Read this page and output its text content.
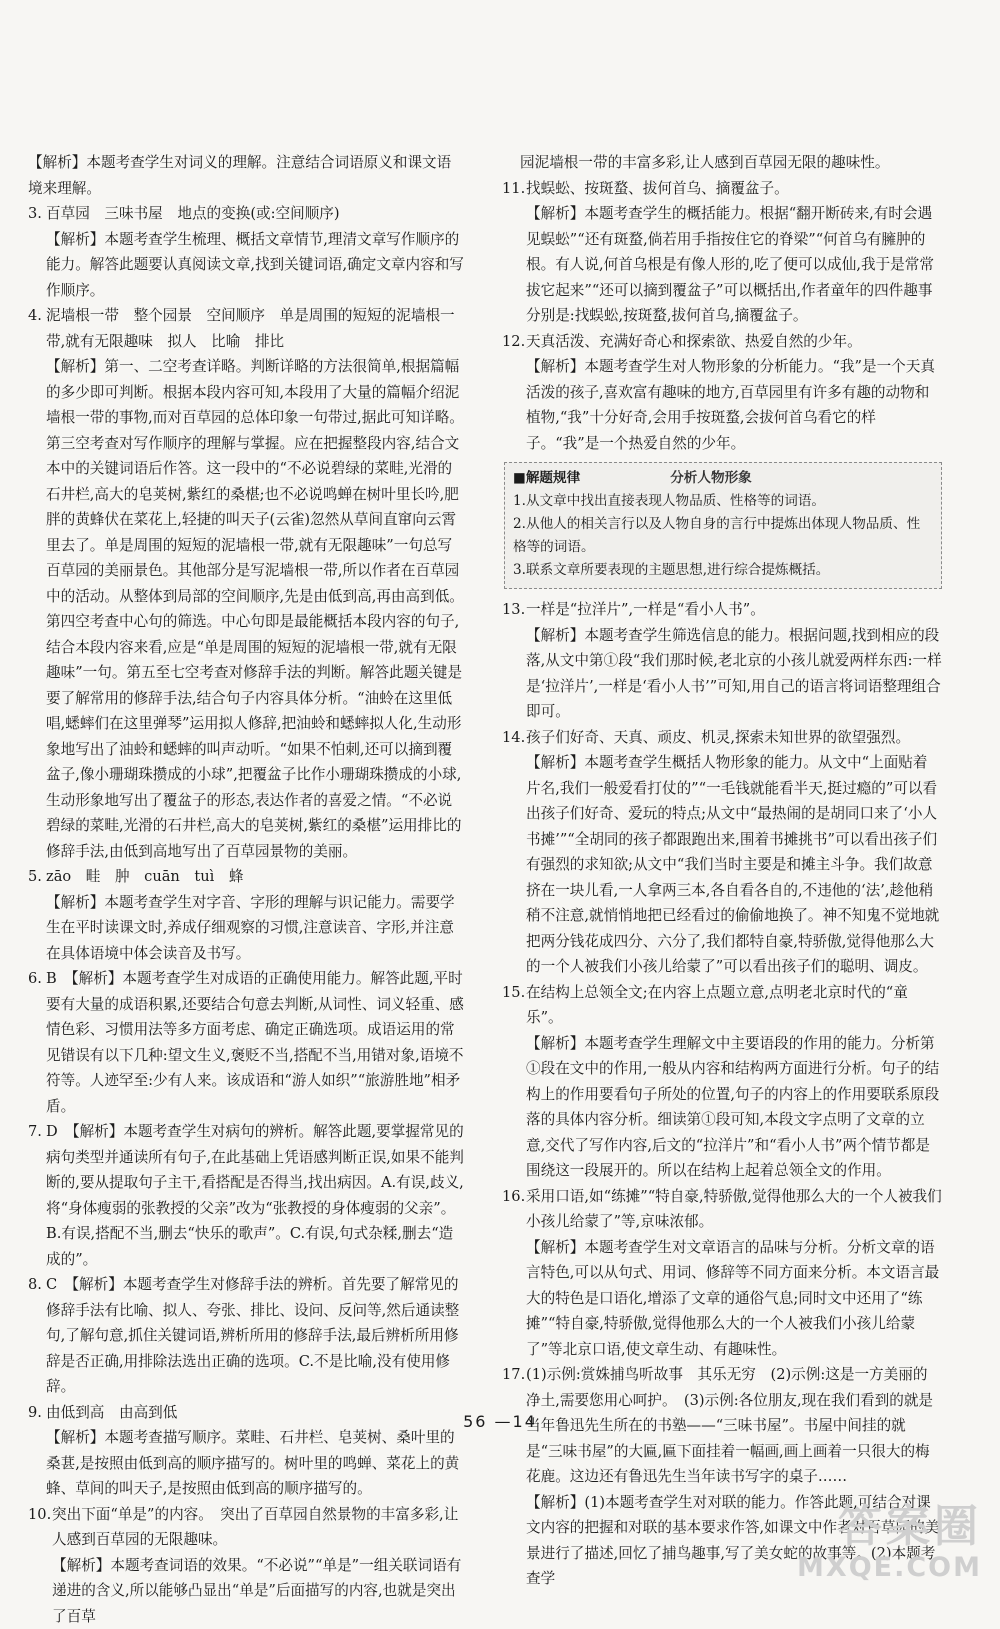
【解析】本题考查学生对词义的理解。注意结合词语原义和课文语境来理解。

3. 百草园　三味书屋　地点的变换(或:空间顺序)

【解析】本题考查学生梳理、概括文章情节,理清文章写作顺序的能力。解答此题要认真阅读文章,找到关键词语,确定文章内容和写作顺序。

4. 泥墙根一带　整个园景　空间顺序　单是周围的短短的泥墙根一带,就有无限趣味　拟人　比喻　排比

【解析】第一、二空考查详略。判断详略的方法很简单,根据篇幅的多少即可判断。根据本段内容可知,本段用了大量的篇幅介绍泥墙根一带的事物,而对百草园的总体印象一句带过,据此可知详略。第三空考查对写作顺序的理解与掌握。应在把握整段内容,结合文本中的关键词语后作答。这一段中的“不必说碧绿的菜畦,光滑的石井栏,高大的皂荚树,紫红的桑椹;也不必说鸣蝉在树叶里长吟,肥胖的黄蜂伏在菜花上,轻捷的叫天子(云雀)忽然从草间直窜向云霄里去了。单是周围的短短的泥墙根一带,就有无限趣味”一句总写百草园的美丽景色。其他部分是写泥墙根一带,所以作者在百草园中的活动。从整体到局部的空间顺序,先是由低到高,再由高到低。第四空考查中心句的筛选。中心句即是最能概括本段内容的句子,结合本段内容来看,应是“单是周围的短短的泥墙根一带,就有无限趣味”一句。第五至七空考查对修辞手法的判断。解答此题关键是要了解常用的修辞手法,结合句子内容具体分析。“油蛉在这里低唱,蟋蟀们在这里弹琴”运用拟人修辞,把油蛉和蟋蟀拟人化,生动形象地写出了油蛉和蟋蟀的叫声动听。“如果不怕刺,还可以摘到覆盆子,像小珊瑚珠攒成的小球”,把覆盆子比作小珊瑚珠攒成的小球,生动形象地写出了覆盆子的形态,表达作者的喜爱之情。“不必说碧绿的菜畦,光滑的石井栏,高大的皂荚树,紫红的桑椹”运用排比的修辞手法,由低到高地写出了百草园景物的美丽。

5. zāo　畦　肿　cuān　tuì　蜂

【解析】本题考查学生对字音、字形的理解与识记能力。需要学生在平时读课文时,养成仔细观察的习惯,注意读音、字形,并注意在具体语境中体会读音及书写。

6. B　【解析】本题考查学生对成语的正确使用能力。解答此题,平时要有大量的成语积累,还要结合句意去判断,从词性、词义轻重、感情色彩、习惯用法等多方面考虑、确定正确选项。成语运用的常见错误有以下几种:望文生义,褒贬不当,搭配不当,用错对象,语境不符等。人迹罕至:少有人来。该成语和“游人如织”“旅游胜地”相矛盾。

7. D　【解析】本题考查学生对病句的辨析。解答此题,要掌握常见的病句类型并通读所有句子,在此基础上凭语感判断正误,如果不能判断的,要从提取句子主干,看搭配是否得当,找出病因。A.有误,歧义,将“身体瘦弱的张教授的父亲”改为“张教授的身体瘦弱的父亲”。B.有误,搭配不当,删去“快乐的歌声”。C.有误,句式杂糅,删去“造成的”。

8. C　【解析】本题考查学生对修辞手法的辨析。首先要了解常见的修辞手法有比喻、拟人、夸张、排比、设问、反问等,然后通读整句,了解句意,抓住关键词语,辨析所用的修辞手法,最后辨析所用修辞是否正确,用排除法选出正确的选项。C.不是比喻,没有使用修辞。

9. 由低到高　由高到低

【解析】本题考查描写顺序。菜畦、石井栏、皂荚树、桑叶里的桑葚,是按照由低到高的顺序描写的。树叶里的鸣蝉、菜花上的黄蜂、草间的叫天子,是按照由低到高的顺序描写的。

10. 突出下面“单是”的内容。　突出了百草园自然景物的丰富多彩,让人感到百草园的无限趣味。

【解析】本题考查词语的效果。“不必说”“单是”一组关联词语有递进的含义,所以能够凸显出“单是”后面描写的内容,也就是突出了百草

园泥墙根一带的丰富多彩,让人感到百草园无限的趣味性。

11. 找蜈蚣、按斑蝥、拔何首乌、摘覆盆子。

【解析】本题考查学生的概括能力。根据“翻开断砖来,有时会遇见蜈蚣”“还有斑蝥,倘若用手指按住它的脊梁”“何首乌有臃肿的根。有人说,何首乌根是有像人形的,吃了便可以成仙,我于是常常拔它起来”“还可以摘到覆盆子”可以概括出,作者童年的四件趣事分别是:找蜈蚣,按斑蝥,拔何首乌,摘覆盆子。

12. 天真活泼、充满好奇心和探索欲、热爱自然的少年。

【解析】本题考查学生对人物形象的分析能力。“我”是一个天真活泼的孩子,喜欢富有趣味的地方,百草园里有许多有趣的动物和植物,“我”十分好奇,会用手按斑蝥,会拔何首乌看它的样子。“我”是一个热爱自然的少年。

■解题规律	分析人物形象
1.从文章中找出直接表现人物品质、性格等的词语。
2.从他人的相关言行以及人物自身的言行中提炼出体现人物品质、性格等的词语。
3.联系文章所要表现的主题思想,进行综合提炼概括。
13. 一样是“拉洋片”,一样是“看小人书”。

【解析】本题考查学生筛选信息的能力。根据问题,找到相应的段落,从文中第①段“我们那时候,老北京的小孩儿就爱两样东西:一样是‘拉洋片’,一样是‘看小人书’”可知,用自己的语言将词语整理组合即可。

14. 孩子们好奇、天真、顽皮、机灵,探索未知世界的欲望强烈。

【解析】本题考查学生概括人物形象的能力。从文中“上面贴着片名,我们一般爱看打仗的”“一毛钱就能看半天,挺过瘾的”可以看出孩子们好奇、爱玩的特点;从文中“最热闹的是胡同口来了‘小人书摊’”“全胡同的孩子都跟跑出来,围着书摊挑书”可以看出孩子们有强烈的求知欲;从文中“我们当时主要是和摊主斗争。我们故意挤在一块儿看,一人拿两三本,各自看各自的,不违他的‘法’,趁他稍稍不注意,就悄悄地把已经看过的偷偷地换了。神不知鬼不觉地就把两分钱花成四分、六分了,我们都特自豪,特骄傲,觉得他那么大的一个人被我们小孩儿给蒙了”可以看出孩子们的聪明、调皮。

15. 在结构上总领全文;在内容上点题立意,点明老北京时代的“童乐”。

【解析】本题考查学生理解文中主要语段的作用的能力。分析第①段在文中的作用,一般从内容和结构两方面进行分析。句子的结构上的作用要看句子所处的位置,句子的内容上的作用要联系原段落的具体内容分析。细读第①段可知,本段文字点明了文章的立意,交代了写作内容,后文的“拉洋片”和“看小人书”两个情节都是围绕这一段展开的。所以在结构上起着总领全文的作用。

16. 采用口语,如“练摊”“特自豪,特骄傲,觉得他那么大的一个人被我们小孩儿给蒙了”等,京味浓郁。

【解析】本题考查学生对文章语言的品味与分析。分析文章的语言特色,可以从句式、用词、修辞等不同方面来分析。本文语言最大的特色是口语化,增添了文章的通俗气息;同时文中还用了“练摊”“特自豪,特骄傲,觉得他那么大的一个人被我们小孩儿给蒙了”等北京口语,使文章生动、有趣味性。

17. (1)示例:赏姝捕鸟听故事　其乐无穷　(2)示例:这是一方美丽的净土,需要您用心呵护。　(3)示例:各位朋友,现在我们看到的就是当年鲁迅先生所在的书塾——“三味书屋”。书屋中间挂的就是“三味书屋”的大匾,匾下面挂着一幅画,画上画着一只很大的梅花鹿。这边还有鲁迅先生当年读书写字的桌子……

【解析】(1)本题考查学生对对联的能力。作答此题,可结合对课文内容的把握和对联的基本要求作答,如课文中作者对百草园的美景进行了描述,回忆了捕鸟趣事,写了美女蛇的故事等。(2)本题考查学

56 —14
答案圈
MXQE.COM
